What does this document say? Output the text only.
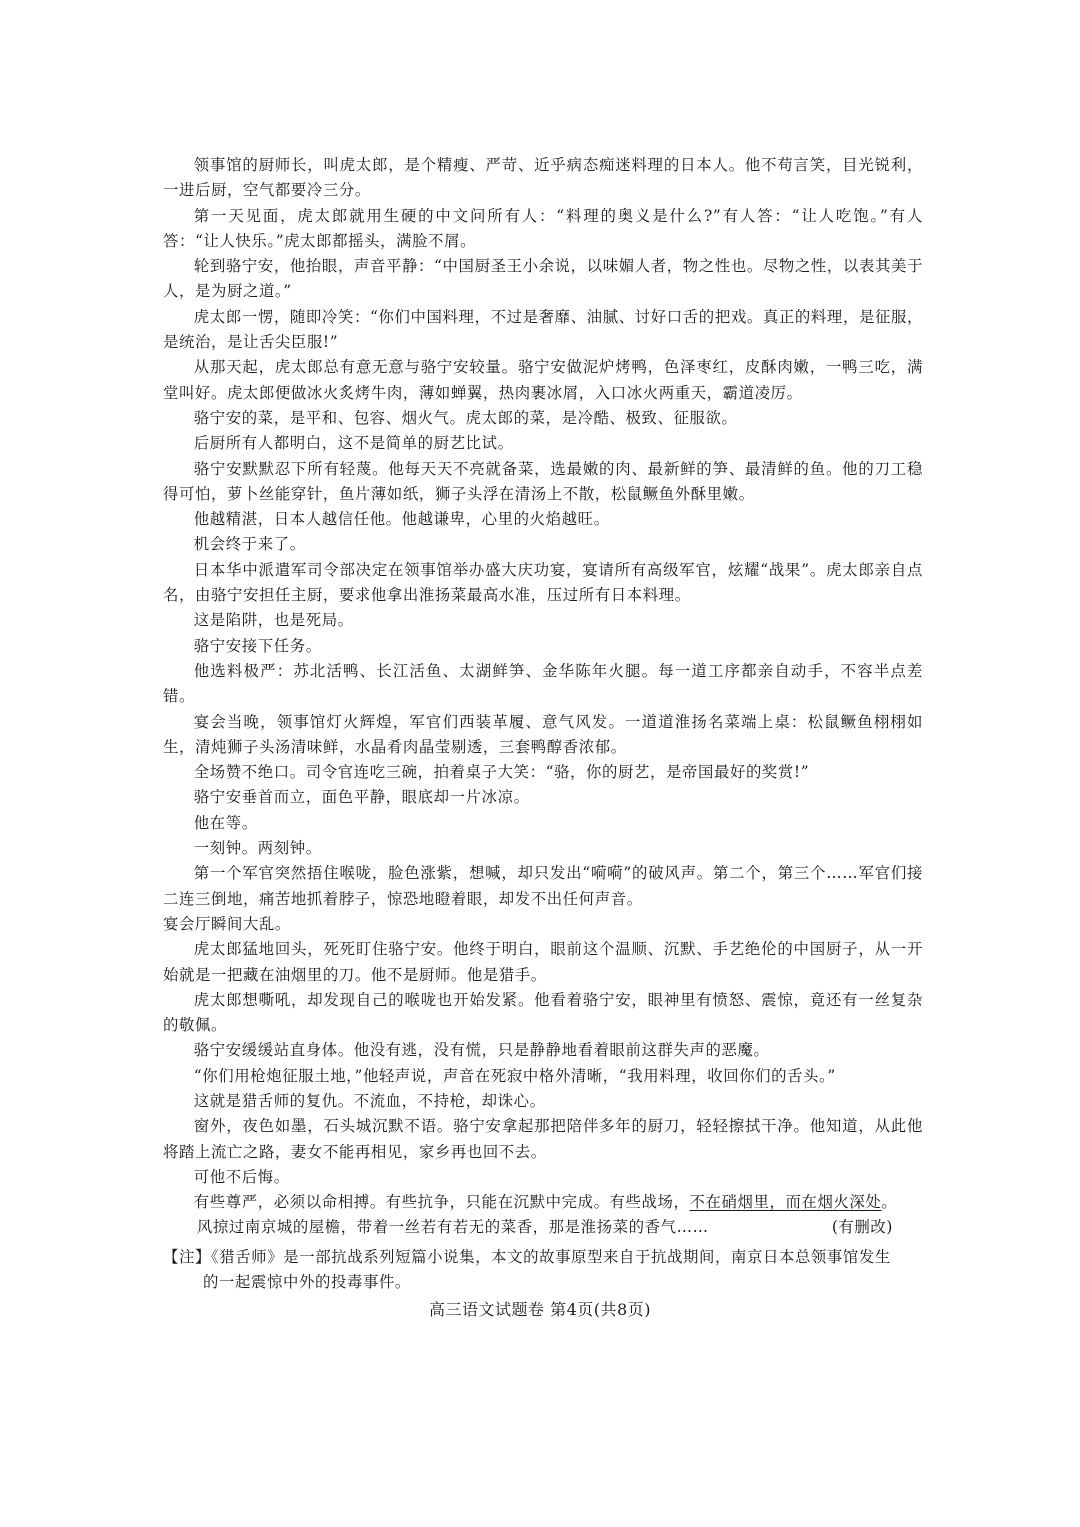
领事馆的厨师长，叫虎太郎，是个精瘦、严苛、近乎病态痴迷料理的日本人。他不苟言笑，目光锐利，一进后厨，空气都要冷三分。

第一天见面，虎太郎就用生硬的中文问所有人：“料理的奥义是什么?”有人答：“让人吃饱。”有人答：“让人快乐。”虎太郎都摇头，满脸不屑。

轮到骆宁安，他抬眼，声音平静：“中国厨圣王小余说，以味媚人者，物之性也。尽物之性，以表其美于人，是为厨之道。”

虎太郎一愣，随即冷笑：“你们中国料理，不过是奢靡、油腻、讨好口舌的把戏。真正的料理，是征服，是统治，是让舌尖臣服!”

从那天起，虎太郎总有意无意与骆宁安较量。骆宁安做泥炉烤鸭，色泽枣红，皮酥肉嫩，一鸭三吃，满堂叫好。虎太郎便做冰火炙烤牛肉，薄如蝉翼，热肉裹冰屑，入口冰火两重天，霸道凌厉。

骆宁安的菜，是平和、包容、烟火气。虎太郎的菜，是冷酷、极致、征服欲。

后厨所有人都明白，这不是简单的厨艺比试。

骆宁安默默忍下所有轻蔑。他每天天不亮就备菜，选最嫩的肉、最新鲜的笋、最清鲜的鱼。他的刀工稳得可怕，萝卜丝能穿针，鱼片薄如纸，狮子头浮在清汤上不散，松鼠鳜鱼外酥里嫩。

他越精湛，日本人越信任他。他越谦卑，心里的火焰越旺。

机会终于来了。

日本华中派遣军司令部决定在领事馆举办盛大庆功宴，宴请所有高级军官，炫耀“战果”。虎太郎亲自点名，由骆宁安担任主厨，要求他拿出淮扬菜最高水准，压过所有日本料理。

这是陷阱，也是死局。

骆宁安接下任务。

他选料极严：苏北活鸭、长江活鱼、太湖鲜笋、金华陈年火腿。每一道工序都亲自动手，不容半点差错。

宴会当晚，领事馆灯火辉煌，军官们西装革履、意气风发。一道道淮扬名菜端上桌：松鼠鳜鱼栩栩如生，清炖狮子头汤清味鲜，水晶肴肉晶莹剔透，三套鸭醇香浓郁。

全场赞不绝口。司令官连吃三碗，拍着桌子大笑：“骆，你的厨艺，是帝国最好的奖赏!”

骆宁安垂首而立，面色平静，眼底却一片冰凉。

他在等。

一刻钟。两刻钟。

第一个军官突然捂住喉咙，脸色涨紫，想喊，却只发出“嗬嗬”的破风声。第二个，第三个……军官们接二连三倒地，痛苦地抓着脖子，惊恐地瞪着眼，却发不出任何声音。

宴会厅瞬间大乱。

虎太郎猛地回头，死死盯住骆宁安。他终于明白，眼前这个温顺、沉默、手艺绝伦的中国厨子，从一开始就是一把藏在油烟里的刀。他不是厨师。他是猎手。

虎太郎想嘶吼，却发现自己的喉咙也开始发紧。他看着骆宁安，眼神里有愤怒、震惊，竟还有一丝复杂的敬佩。

骆宁安缓缓站直身体。他没有逃，没有慌，只是静静地看着眼前这群失声的恶魔。

“你们用枪炮征服土地，”他轻声说，声音在死寂中格外清晰，“我用料理，收回你们的舌头。”

这就是猎舌师的复仇。不流血，不持枪，却诛心。

窗外，夜色如墨，石头城沉默不语。骆宁安拿起那把陪伴多年的厨刀，轻轻擦拭干净。他知道，从此他将踏上流亡之路，妻女不能再相见，家乡再也回不去。

可他不后悔。

有些尊严，必须以命相搏。有些抗争，只能在沉默中完成。有些战场，不在硝烟里，而在烟火深处。

风掠过南京城的屋檐，带着一丝若有若无的菜香，那是淮扬菜的香气……	(有删改)
【注】《猎舌师》是一部抗战系列短篇小说集，本文的故事原型来自于抗战期间，南京日本总领事馆发生
的一起震惊中外的投毒事件。
高三语文试题卷 第4页(共8页)
